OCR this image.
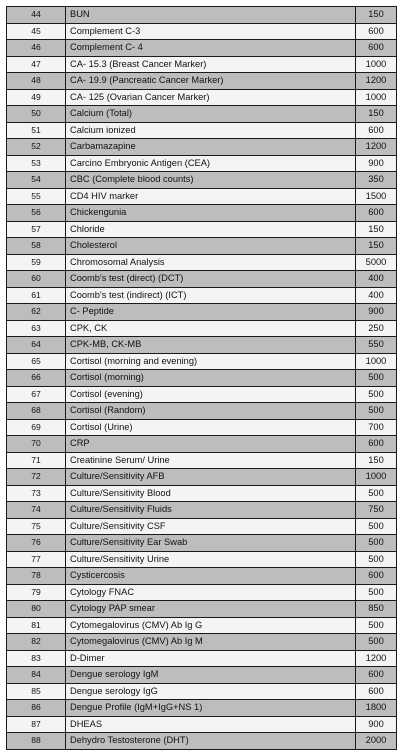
44	BUN	150
45	Complement C-3	600
46	Complement C- 4	600
47	CA- 15.3 (Breast Cancer Marker)	1000
48	CA- 19.9 (Pancreatic Cancer Marker)	1200
49	CA- 125 (Ovarian Cancer Marker)	1000
50	Calcium (Total)	150
51	Calcium ionized	600
52	Carbamazapine	1200
53	Carcino Embryonic Antigen (CEA)	900
54	CBC (Complete blood counts)	350
55	CD4 HIV marker	1500
56	Chickengunia	600
57	Chloride	150
58	Cholesterol	150
59	Chromosomal Analysis	5000
60	Coomb's test (direct) (DCT)	400
61	Coomb's test (indirect) (ICT)	400
62	C- Peptide	900
63	CPK, CK	250
64	CPK-MB, CK-MB	550
65	Cortisol (morning and evening)	1000
66	Cortisol (morning)	500
67	Cortisol (evening)	500
68	Cortisol (Random)	500
69	Cortisol (Urine)	700
70	CRP	600
71	Creatinine Serum/ Urine	150
72	Culture/Sensitivity AFB	1000
73	Culture/Sensitivity Blood	500
74	Culture/Sensitivity Fluids	750
75	Culture/Sensitivity CSF	500
76	Culture/Sensitivity Ear Swab	500
77	Culture/Sensitivity Urine	500
78	Cysticercosis	600
79	Cytology FNAC	500
80	Cytology PAP smear	850
81	Cytomegalovirus (CMV) Ab Ig G	500
82	Cytomegalovirus (CMV) Ab Ig M	500
83	D-Dimer	1200
84	Dengue serology IgM	600
85	Dengue serology IgG	600
86	Dengue Profile (IgM+IgG+NS 1)	1800
87	DHEAS	900
88	Dehydro Testosterone (DHT)	2000
